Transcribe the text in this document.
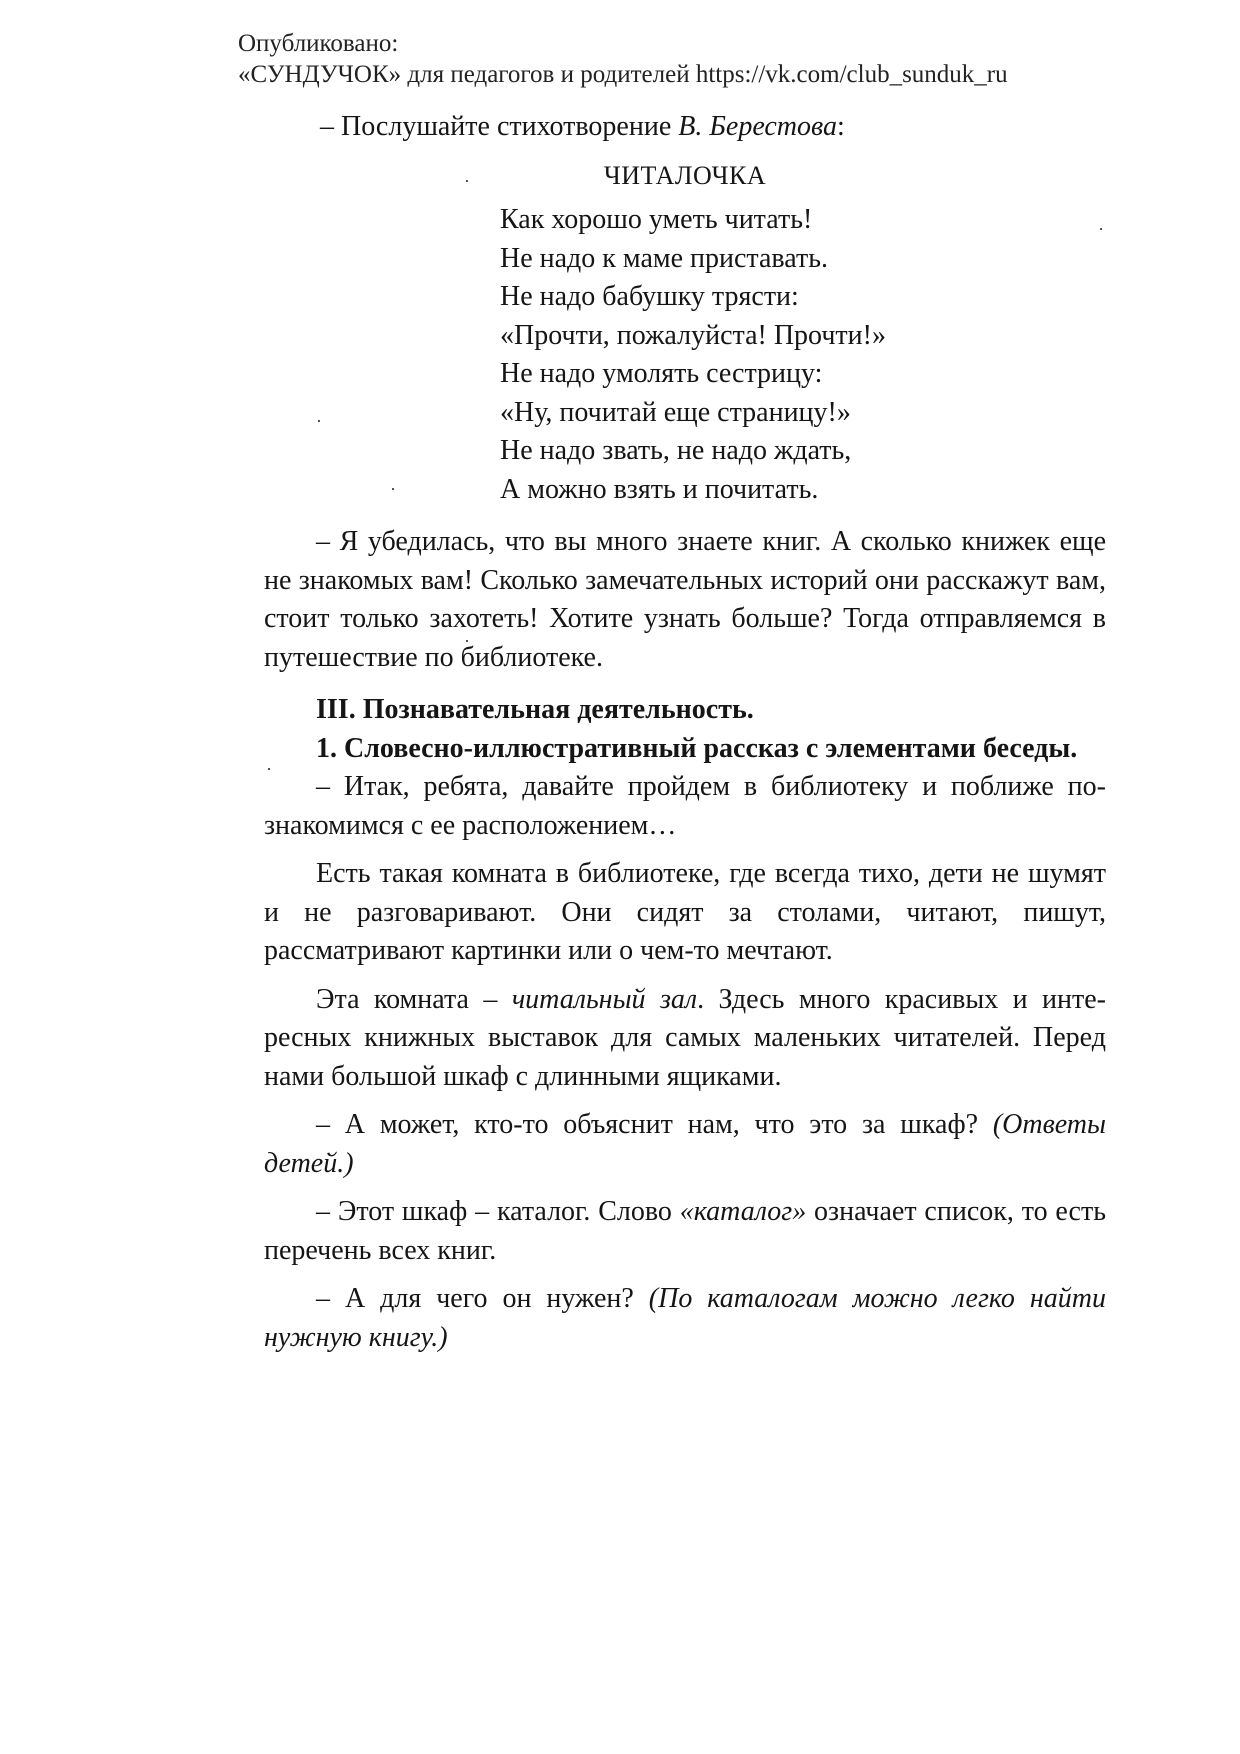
Опубликовано:
«СУНДУЧОК» для педагогов и родителей https://vk.com/club_sunduk_ru

– Послушайте стихотворение В. Берестова:

ЧИТАЛОЧКА
Как хорошо уметь читать!
Не надо к маме приставать.
Не надо бабушку трясти:
«Прочти, пожалуйста! Прочти!»
Не надо умолять сестрицу:
«Ну, почитай еще страницу!»
Не надо звать, не надо ждать,
А можно взять и почитать.

– Я убедилась, что вы много знаете книг. А сколько книжек еще не знакомых вам! Сколько замечательных историй они расскажут вам, стоит только захотеть! Хотите узнать больше? Тогда отправляемся в путешествие по библиотеке.

III. Познавательная деятельность.

1. Словесно-иллюстративный рассказ с элементами беседы.

– Итак, ребята, давайте пройдем в библиотеку и поближе познакомимся с ее расположением…

Есть такая комната в библиотеке, где всегда тихо, дети не шумят и не разговаривают. Они сидят за столами, читают, пишут, рассматривают картинки или о чем-то мечтают.

Эта комната – читальный зал. Здесь много красивых и интересных книжных выставок для самых маленьких читателей. Перед нами большой шкаф с длинными ящиками.

– А может, кто-то объяснит нам, что это за шкаф? (Ответы детей.)

– Этот шкаф – каталог. Слово «каталог» означает список, то есть перечень всех книг.

– А для чего он нужен? (По каталогам можно легко найти нужную книгу.)
